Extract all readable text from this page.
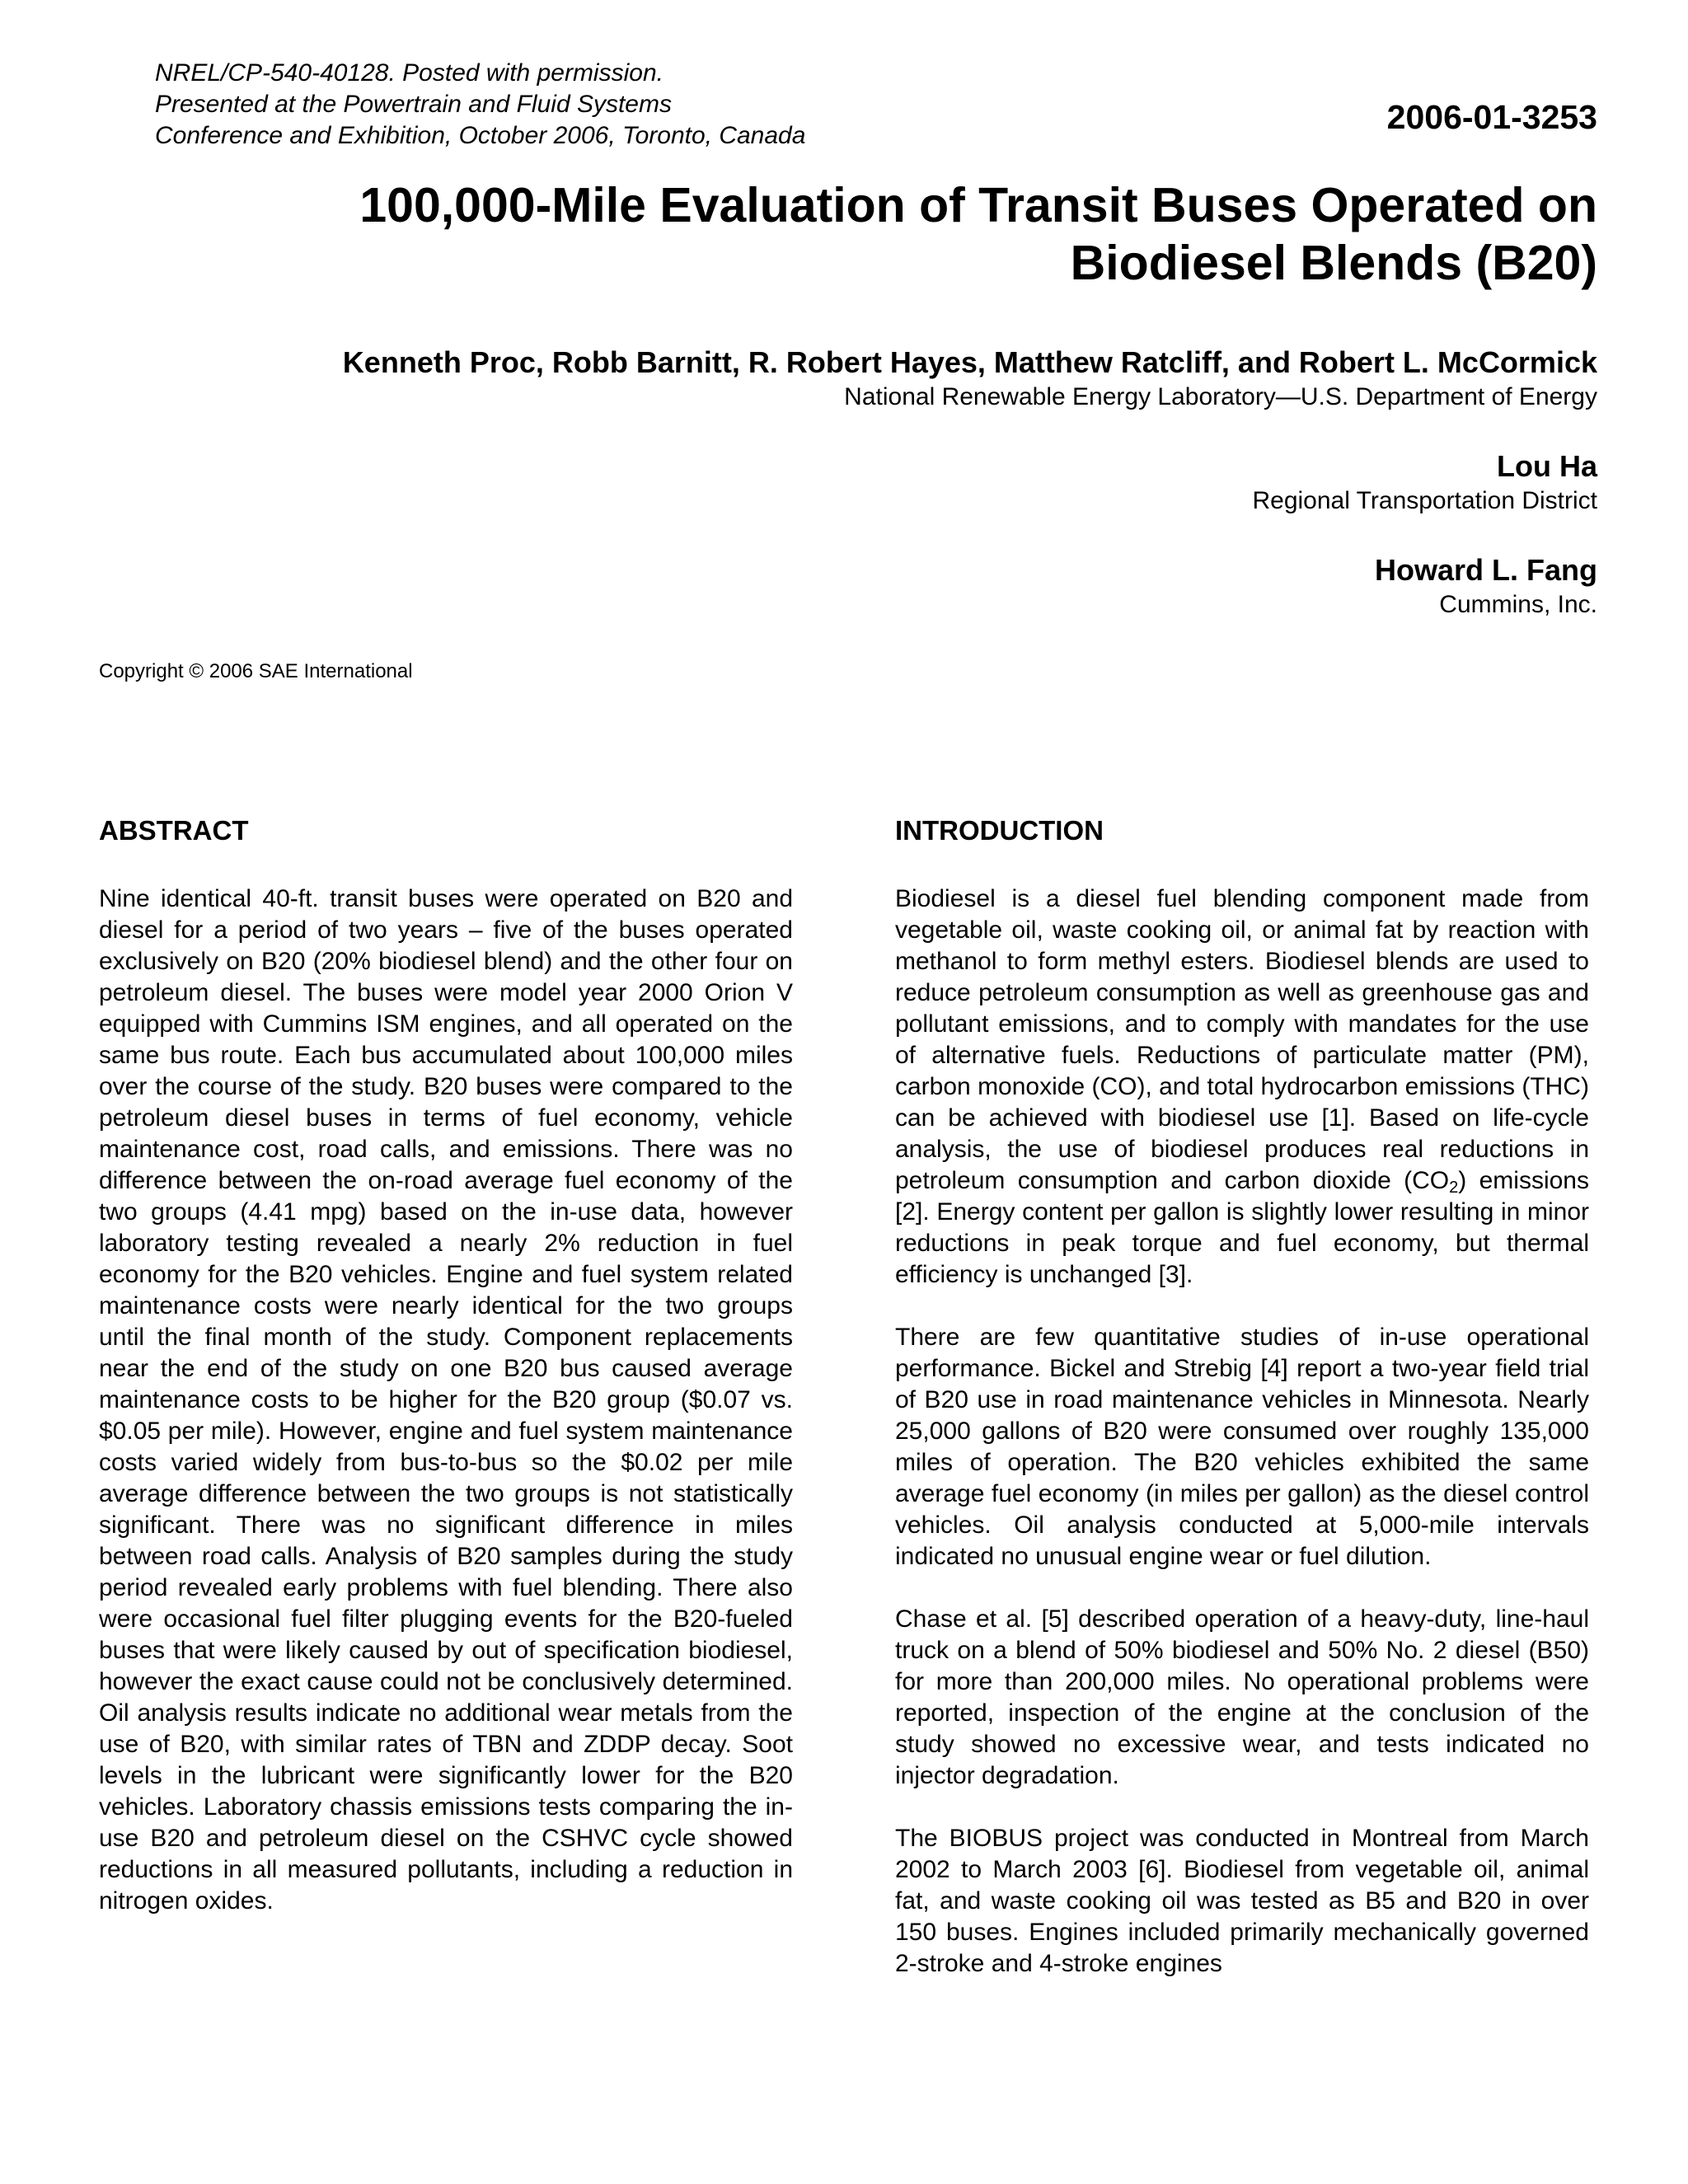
NREL/CP-540-40128. Posted with permission.
Presented at the Powertrain and Fluid Systems
Conference and Exhibition, October 2006, Toronto, Canada	2006-01-3253
100,000-Mile Evaluation of Transit Buses Operated on
Biodiesel Blends (B20)
Kenneth Proc, Robb Barnitt, R. Robert Hayes, Matthew Ratcliff, and Robert L. McCormick
National Renewable Energy Laboratory—U.S. Department of Energy
Lou Ha
Regional Transportation District
Howard L. Fang
Cummins, Inc.
Copyright © 2006 SAE International
ABSTRACT

Nine identical 40-ft. transit buses were operated on B20 and diesel for a period of two years – five of the buses operated exclusively on B20 (20% biodiesel blend) and the other four on petroleum diesel. The buses were model year 2000 Orion V equipped with Cummins ISM engines, and all operated on the same bus route. Each bus accumulated about 100,000 miles over the course of the study. B20 buses were compared to the petroleum diesel buses in terms of fuel economy, vehicle maintenance cost, road calls, and emissions. There was no difference between the on-road average fuel economy of the two groups (4.41 mpg) based on the in-use data, however laboratory testing revealed a nearly 2% reduction in fuel economy for the B20 vehicles. Engine and fuel system related maintenance costs were nearly identical for the two groups until the final month of the study. Component replacements near the end of the study on one B20 bus caused average maintenance costs to be higher for the B20 group ($0.07 vs. $0.05 per mile). However, engine and fuel system maintenance costs varied widely from bus-to-bus so the $0.02 per mile average difference between the two groups is not statistically significant. There was no significant difference in miles between road calls. Analysis of B20 samples during the study period revealed early problems with fuel blending. There also were occasional fuel filter plugging events for the B20-fueled buses that were likely caused by out of specification biodiesel, however the exact cause could not be conclusively determined. Oil analysis results indicate no additional wear metals from the use of B20, with similar rates of TBN and ZDDP decay. Soot levels in the lubricant were significantly lower for the B20 vehicles. Laboratory chassis emissions tests comparing the in-use B20 and petroleum diesel on the CSHVC cycle showed reductions in all measured pollutants, including a reduction in nitrogen oxides.

INTRODUCTION

Biodiesel is a diesel fuel blending component made from vegetable oil, waste cooking oil, or animal fat by reaction with methanol to form methyl esters. Biodiesel blends are used to reduce petroleum consumption as well as greenhouse gas and pollutant emissions, and to comply with mandates for the use of alternative fuels. Reductions of particulate matter (PM), carbon monoxide (CO), and total hydrocarbon emissions (THC) can be achieved with biodiesel use [1]. Based on life-cycle analysis, the use of biodiesel produces real reductions in petroleum consumption and carbon dioxide $(CO_2)$ emissions [2]. Energy content per gallon is slightly lower resulting in minor reductions in peak torque and fuel economy, but thermal efficiency is unchanged [3].

There are few quantitative studies of in-use operational performance. Bickel and Strebig [4] report a two-year field trial of B20 use in road maintenance vehicles in Minnesota. Nearly 25,000 gallons of B20 were consumed over roughly 135,000 miles of operation. The B20 vehicles exhibited the same average fuel economy (in miles per gallon) as the diesel control vehicles. Oil analysis conducted at 5,000-mile intervals indicated no unusual engine wear or fuel dilution.

Chase et al. [5] described operation of a heavy-duty, line-haul truck on a blend of 50% biodiesel and 50% No. 2 diesel (B50) for more than 200,000 miles. No operational problems were reported, inspection of the engine at the conclusion of the study showed no excessive wear, and tests indicated no injector degradation.

The BIOBUS project was conducted in Montreal from March 2002 to March 2003 [6]. Biodiesel from vegetable oil, animal fat, and waste cooking oil was tested as B5 and B20 in over 150 buses. Engines included primarily mechanically governed 2-stroke and 4-stroke engines
